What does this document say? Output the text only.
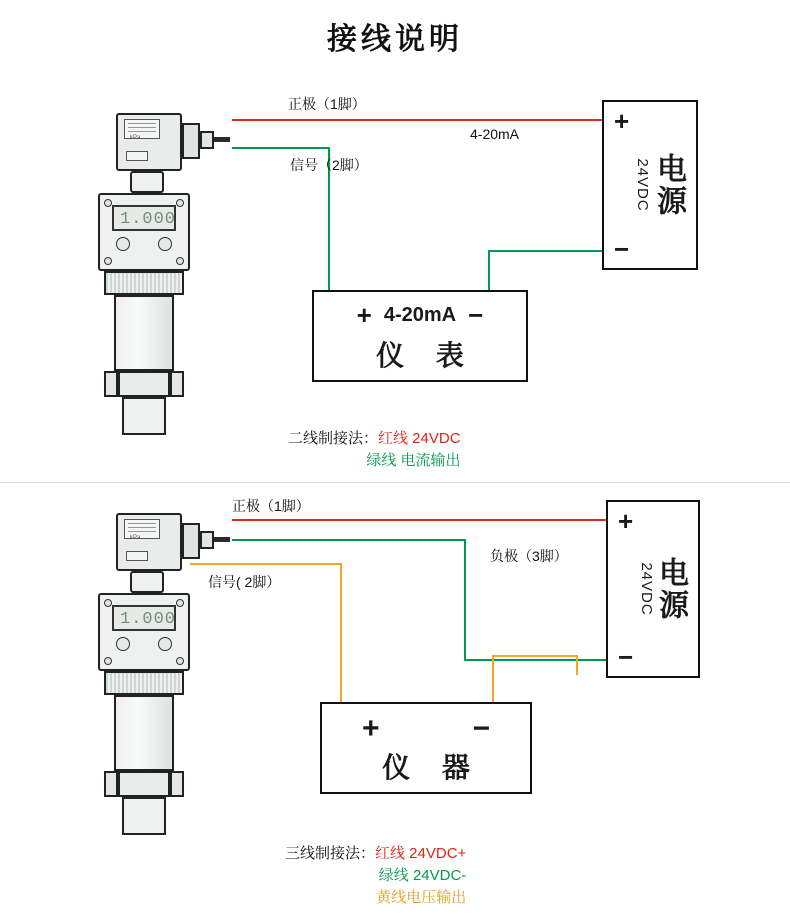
接线说明
kPa
1.000
正极（1脚）
4-20mA
信号（2脚）
+
−
24VDC 电源
+ 4-20mA −
仪 表
二线制接法：红线 24VDC
绿线 电流输出
kPa
1.000
正极（1脚）
负极（3脚）
信号( 2脚）
+
−
24VDC
电源
+	−
仪 器
三线制接法：红线 24VDC+
绿线 24VDC-
黄线电压输出
